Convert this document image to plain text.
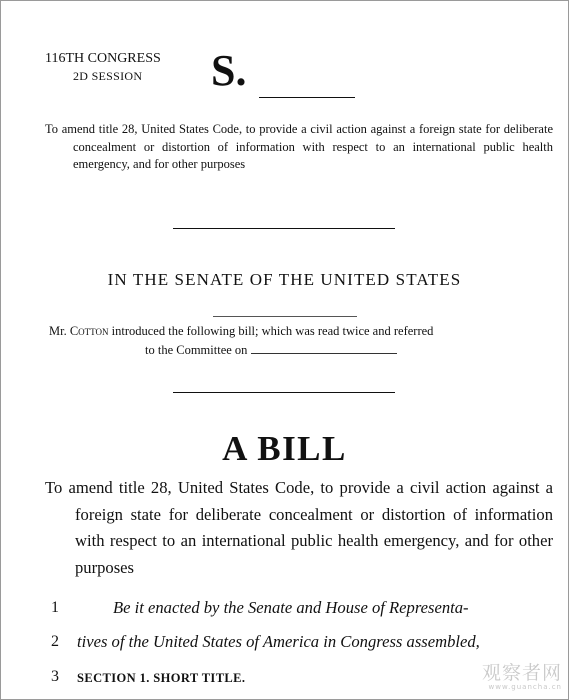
116TH CONGRESS
2D SESSION S.
To amend title 28, United States Code, to provide a civil action against a foreign state for deliberate concealment or distortion of information with respect to an international public health emergency, and for other purposes
IN THE SENATE OF THE UNITED STATES
Mr. Cotton introduced the following bill; which was read twice and referred
to the Committee on
A BILL
To amend title 28, United States Code, to provide a civil action against a foreign state for deliberate concealment or distortion of information with respect to an international public health emergency, and for other purposes
1	Be it enacted by the Senate and House of Representa-
2 tives of the United States of America in Congress assembled,
3 SECTION 1. SHORT TITLE.	观察者网
www.guancha.cn
